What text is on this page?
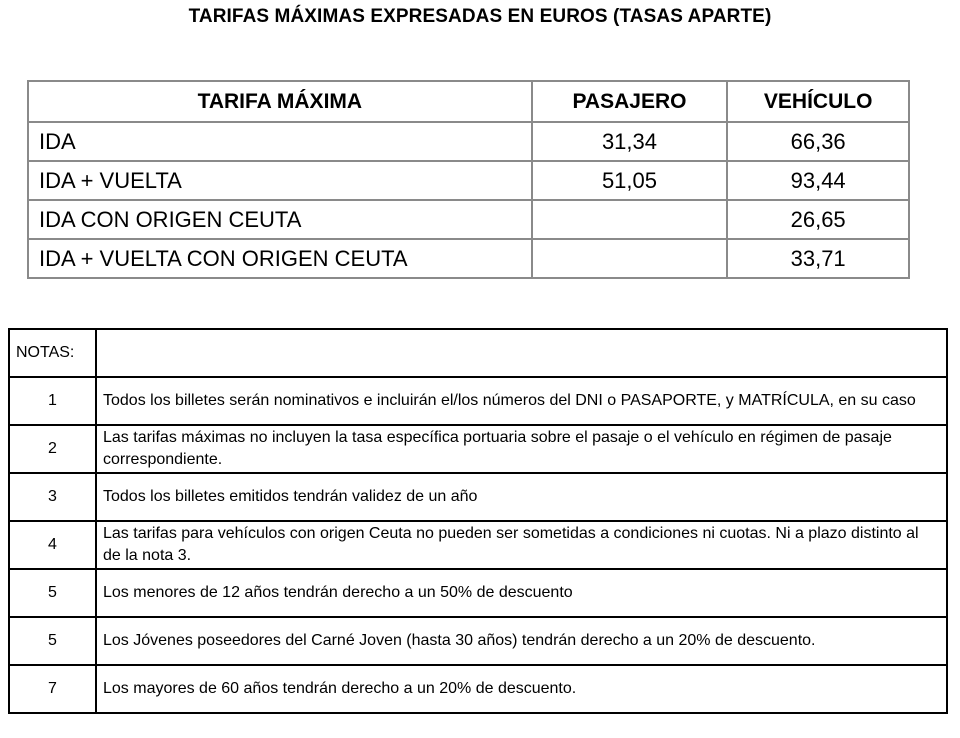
TARIFAS MÁXIMAS EXPRESADAS EN EUROS (TASAS APARTE)
TARIFA MÁXIMA	PASAJERO	VEHÍCULO
IDA	31,34	66,36
IDA + VUELTA	51,05	93,44
IDA CON ORIGEN CEUTA		26,65
IDA + VUELTA CON ORIGEN CEUTA		33,71
NOTAS:	
1	Todos los billetes serán nominativos e incluirán el/los números del DNI o PASAPORTE, y MATRÍCULA, en su caso
2	Las tarifas máximas no incluyen la tasa específica portuaria sobre el pasaje o el vehículo en régimen de pasaje correspondiente.
3	Todos los billetes emitidos tendrán validez de un año
4	Las tarifas para vehículos con origen Ceuta no pueden ser sometidas a condiciones ni cuotas. Ni a plazo distinto al de la nota 3.
5	Los menores de 12 años tendrán derecho a un 50% de descuento
5	Los Jóvenes poseedores del Carné Joven (hasta 30 años) tendrán derecho a un 20% de descuento.
7	Los mayores de 60 años tendrán derecho a un 20% de descuento.
